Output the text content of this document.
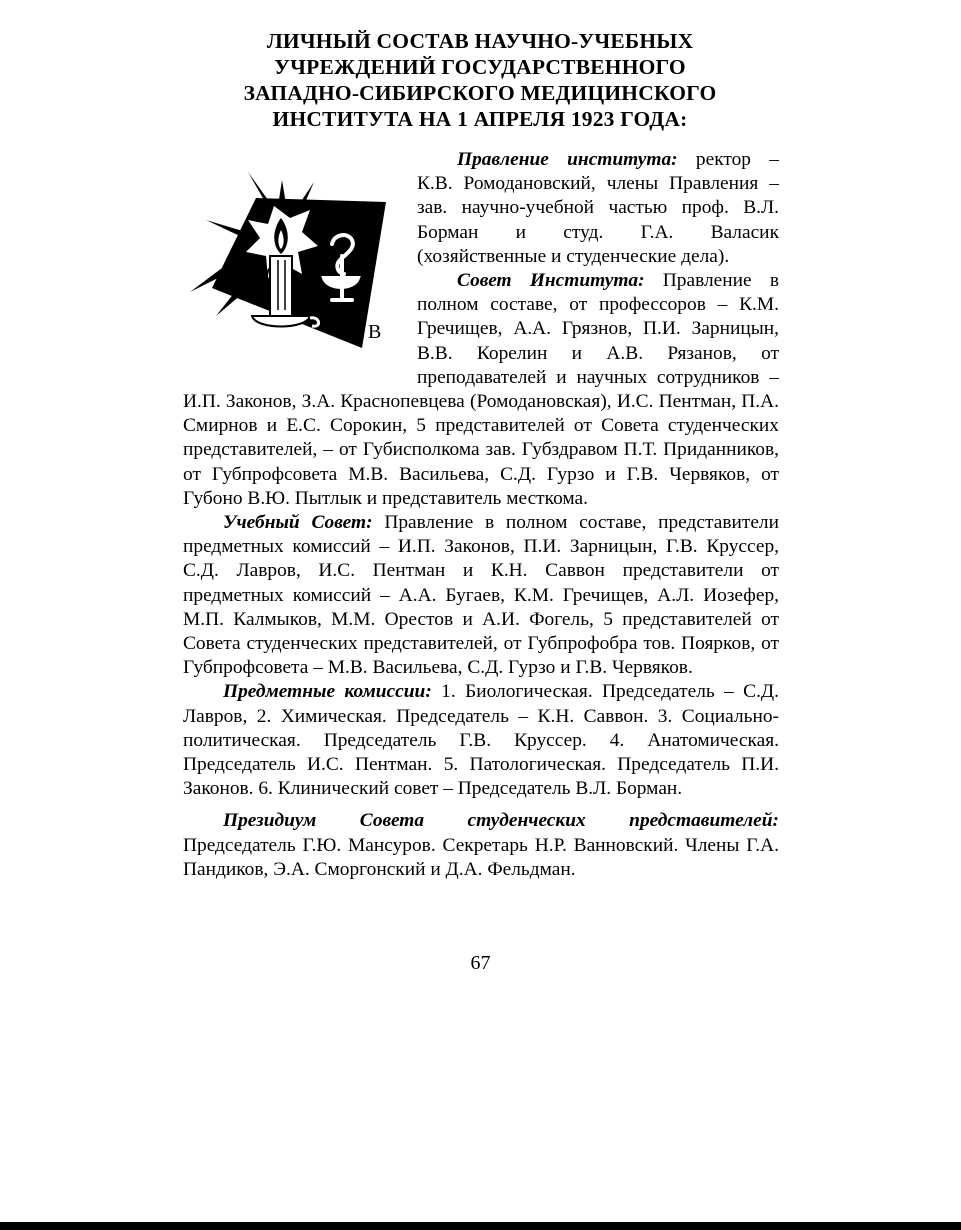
ЛИЧНЫЙ СОСТАВ НАУЧНО-УЧЕБНЫХ
УЧРЕЖДЕНИЙ ГОСУДАРСТВЕННОГО
ЗАПАДНО-СИБИРСКОГО МЕДИЦИНСКОГО
ИНСТИТУТА НА 1 АПРЕЛЯ 1923 ГОДА:
В

Правление института: ректор – К.В. Ромодановский, члены Правления – зав. научно-учебной частью проф. В.Л. Борман и студ. Г.А. Валасик (хозяйственные и студенческие дела).

Совет Института: Правление в полном составе, от профессоров – К.М. Гречищев, А.А. Грязнов, П.И. Зарницын, В.В. Корелин и А.В. Рязанов, от преподавателей и научных сотрудников – И.П. Законов, З.А. Краснопевцева (Ромодановская), И.С. Пентман, П.А. Смирнов и Е.С. Сорокин, 5 представителей от Совета студенческих представителей, – от Губисполкома зав. Губздравом П.Т. Приданников, от Губпрофсовета М.В. Васильева, С.Д. Гурзо и Г.В. Червяков, от Губоно В.Ю. Пытлык и представитель месткома.

Учебный Совет: Правление в полном составе, представители предметных комиссий – И.П. Законов, П.И. Зарницын, Г.В. Круссер, С.Д. Лавров, И.С. Пентман и К.Н. Саввон представители от предметных комиссий – А.А. Бугаев, К.М. Гречищев, А.Л. Иозефер, М.П. Калмыков, М.М. Орестов и А.И. Фогель, 5 представителей от Совета студенческих представителей, от Губпрофобра тов. Поярков, от Губпрофсовета – М.В. Васильева, С.Д. Гурзо и Г.В. Червяков.

Предметные комиссии: 1. Биологическая. Председатель – С.Д. Лавров, 2. Химическая. Председатель – К.Н. Саввон. 3. Социально-политическая. Председатель Г.В. Круссер. 4. Анатомическая. Председатель И.С. Пентман. 5. Патологическая. Председатель П.И. Законов. 6. Клинический совет – Председатель В.Л. Борман.

Президиум Совета студенческих представителей: Председатель Г.Ю. Мансуров. Секретарь Н.Р. Ванновский. Члены Г.А. Пандиков, Э.А. Сморгонский и Д.А. Фельдман.

67
